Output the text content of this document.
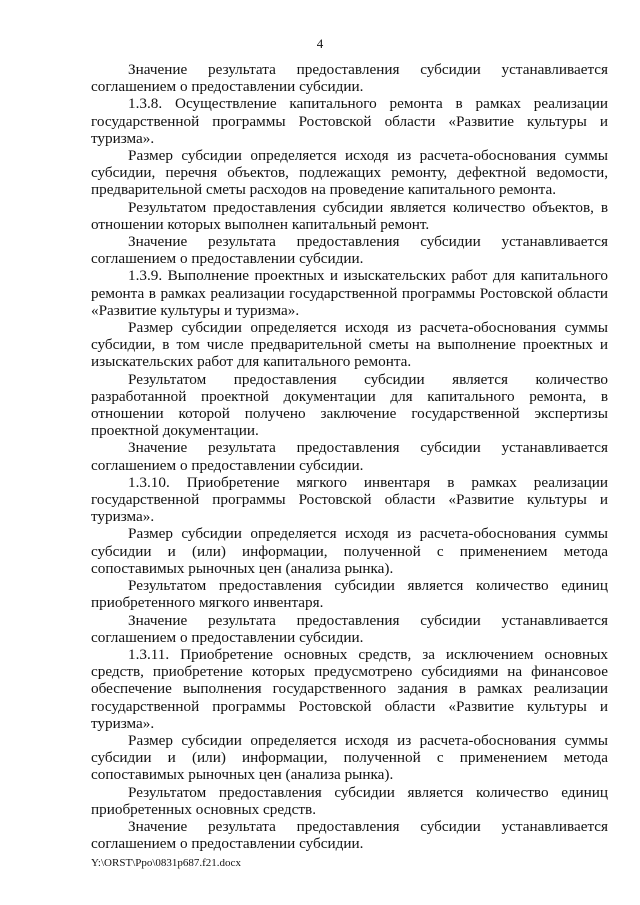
4

Значение результата предоставления субсидии устанавливается соглашением о предоставлении субсидии.

1.3.8. Осуществление капитального ремонта в рамках реализации государственной программы Ростовской области «Развитие культуры и туризма».

Размер субсидии определяется исходя из расчета-обоснования суммы субсидии, перечня объектов, подлежащих ремонту, дефектной ведомости, предварительной сметы расходов на проведение капитального ремонта.

Результатом предоставления субсидии является количество объектов, в отношении которых выполнен капитальный ремонт.

Значение результата предоставления субсидии устанавливается соглашением о предоставлении субсидии.

1.3.9. Выполнение проектных и изыскательских работ для капитального ремонта в рамках реализации государственной программы Ростовской области «Развитие культуры и туризма».

Размер субсидии определяется исходя из расчета-обоснования суммы субсидии, в том числе предварительной сметы на выполнение проектных и изыскательских работ для капитального ремонта.

Результатом предоставления субсидии является количество разработанной проектной документации для капитального ремонта, в отношении которой получено заключение государственной экспертизы проектной документации.

Значение результата предоставления субсидии устанавливается соглашением о предоставлении субсидии.

1.3.10. Приобретение мягкого инвентаря в рамках реализации государственной программы Ростовской области «Развитие культуры и туризма».

Размер субсидии определяется исходя из расчета-обоснования суммы субсидии и (или) информации, полученной с применением метода сопоставимых рыночных цен (анализа рынка).

Результатом предоставления субсидии является количество единиц приобретенного мягкого инвентаря.

Значение результата предоставления субсидии устанавливается соглашением о предоставлении субсидии.

1.3.11. Приобретение основных средств, за исключением основных средств, приобретение которых предусмотрено субсидиями на финансовое обеспечение выполнения государственного задания в рамках реализации государственной программы Ростовской области «Развитие культуры и туризма».

Размер субсидии определяется исходя из расчета-обоснования суммы субсидии и (или) информации, полученной с применением метода сопоставимых рыночных цен (анализа рынка).

Результатом предоставления субсидии является количество единиц приобретенных основных средств.

Значение результата предоставления субсидии устанавливается соглашением о предоставлении субсидии.

Y:\ORST\Ppo\0831p687.f21.docx
